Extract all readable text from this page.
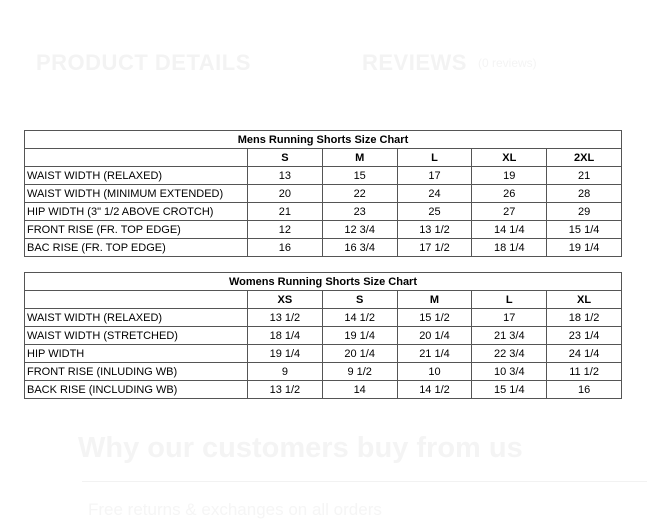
PRODUCT DETAILS	REVIEWS (0 reviews)
Why our customers buy from us
Free returns & exchanges on all orders
Mens Running Shorts Size Chart					
	S	M	L	XL	2XL
WAIST WIDTH (RELAXED)	13	15	17	19	21
WAIST WIDTH (MINIMUM EXTENDED)	20	22	24	26	28
HIP WIDTH (3" 1/2 ABOVE CROTCH)	21	23	25	27	29
FRONT RISE (FR. TOP EDGE)	12	12 3/4	13 1/2	14 1/4	15 1/4
BAC RISE (FR. TOP EDGE)	16	16 3/4	17 1/2	18 1/4	19 1/4
Womens Running Shorts Size Chart					
	XS	S	M	L	XL
WAIST WIDTH (RELAXED)	13 1/2	14 1/2	15 1/2	17	18 1/2
WAIST WIDTH (STRETCHED)	18 1/4	19 1/4	20 1/4	21 3/4	23 1/4
HIP WIDTH	19 1/4	20 1/4	21 1/4	22 3/4	24 1/4
FRONT RISE (INLUDING WB)	9	9 1/2	10	10 3/4	11 1/2
BACK RISE (INCLUDING WB)	13 1/2	14	14 1/2	15 1/4	16
